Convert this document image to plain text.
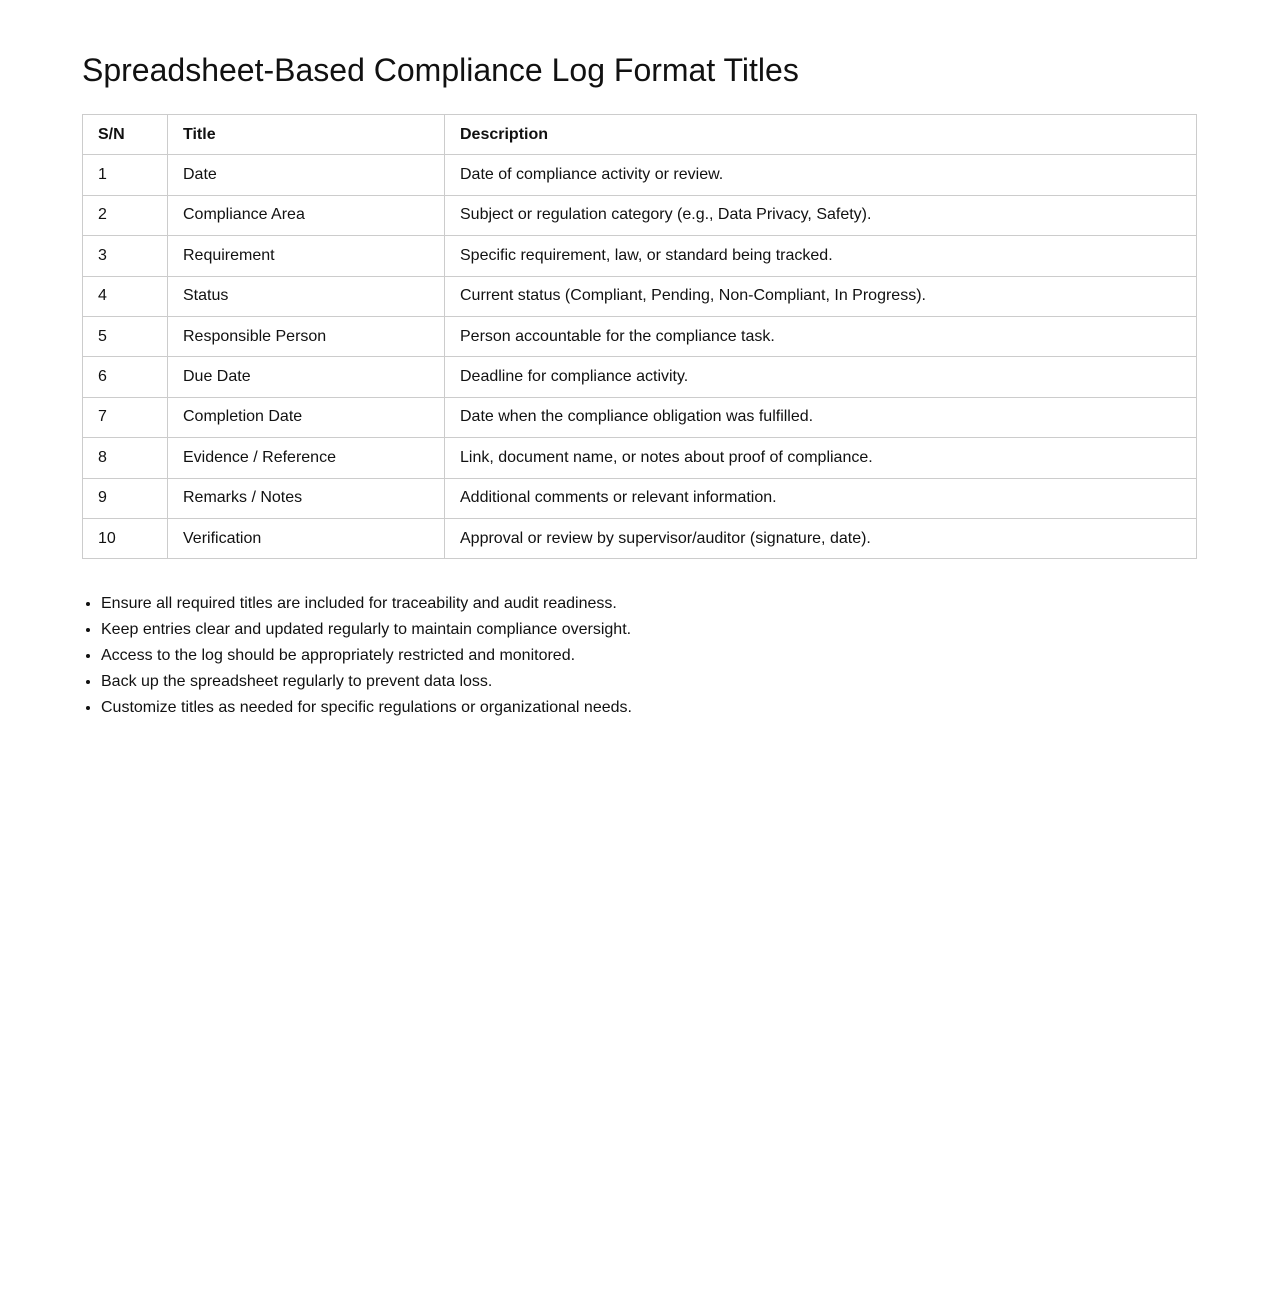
Spreadsheet-Based Compliance Log Format Titles
S/N	Title	Description
1	Date	Date of compliance activity or review.
2	Compliance Area	Subject or regulation category (e.g., Data Privacy, Safety).
3	Requirement	Specific requirement, law, or standard being tracked.
4	Status	Current status (Compliant, Pending, Non-Compliant, In Progress).
5	Responsible Person	Person accountable for the compliance task.
6	Due Date	Deadline for compliance activity.
7	Completion Date	Date when the compliance obligation was fulfilled.
8	Evidence / Reference	Link, document name, or notes about proof of compliance.
9	Remarks / Notes	Additional comments or relevant information.
10	Verification	Approval or review by supervisor/auditor (signature, date).
• Ensure all required titles are included for traceability and audit readiness.
• Keep entries clear and updated regularly to maintain compliance oversight.
• Access to the log should be appropriately restricted and monitored.
• Back up the spreadsheet regularly to prevent data loss.
• Customize titles as needed for specific regulations or organizational needs.
